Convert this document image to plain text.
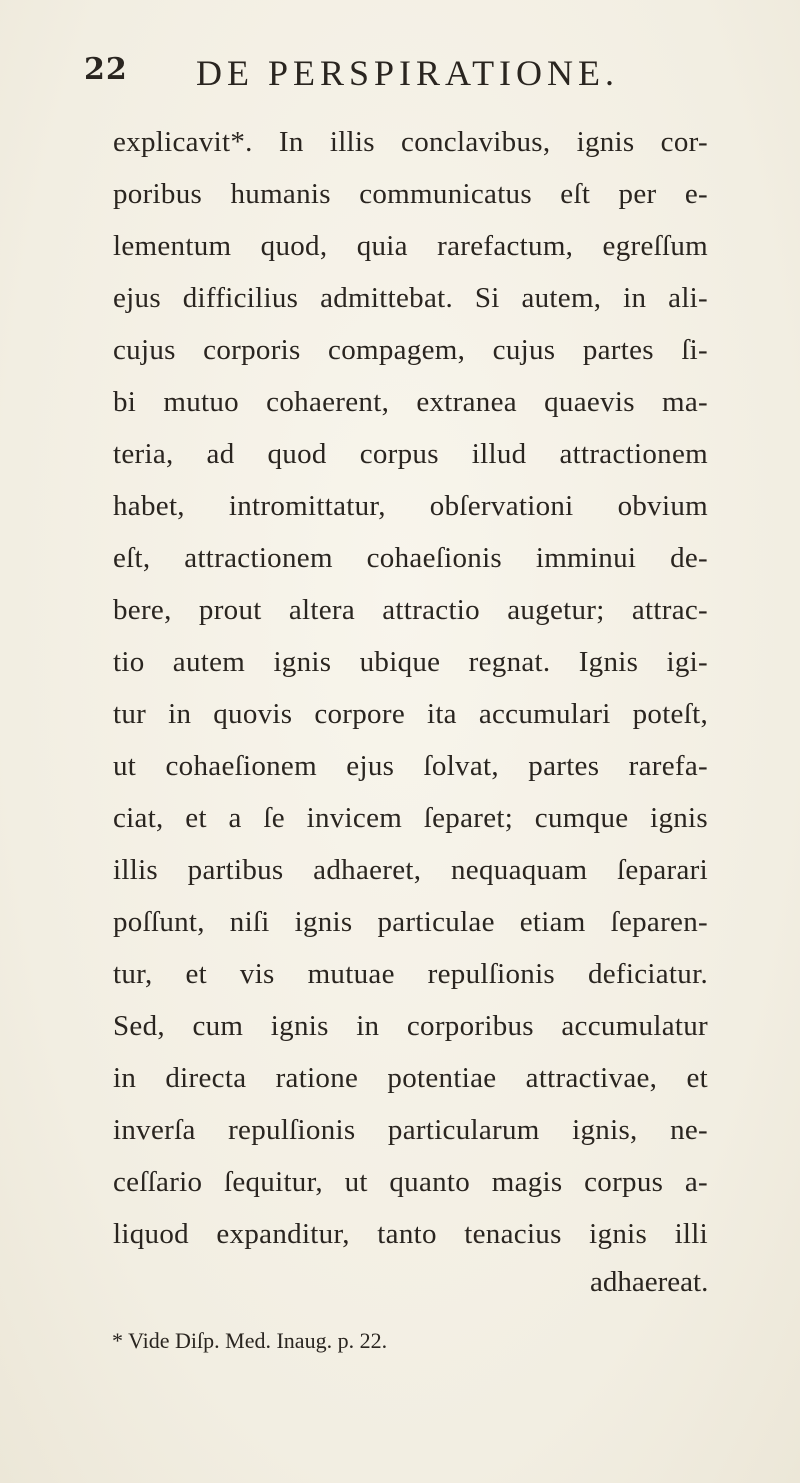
22 DE PERSPIRATIONE.
explicavit*. In illis conclavibus, ignis cor-
poribus humanis communicatus eſt per e-
lementum quod, quia rarefactum, egreſſum
ejus difficilius admittebat. Si autem, in ali-
cujus corporis compagem, cujus partes ſi-
bi mutuo cohaerent, extranea quaevis ma-
teria, ad quod corpus illud attractionem
habet, intromittatur, obſervationi obvium
eſt, attractionem cohaeſionis imminui de-
bere, prout altera attractio augetur; attrac-
tio autem ignis ubique regnat. Ignis igi-
tur in quovis corpore ita accumulari poteſt,
ut cohaeſionem ejus ſolvat, partes rarefa-
ciat, et a ſe invicem ſeparet; cumque ignis
illis partibus adhaeret, nequaquam ſeparari
poſſunt, niſi ignis particulae etiam ſeparen-
tur, et vis mutuae repulſionis deficiatur.
Sed, cum ignis in corporibus accumulatur
in directa ratione potentiae attractivae, et
inverſa repulſionis particularum ignis, ne-
ceſſario ſequitur, ut quanto magis corpus a-
liquod expanditur, tanto tenacius ignis illi
adhaereat.
* Vide Diſp. Med. Inaug. p. 22.
